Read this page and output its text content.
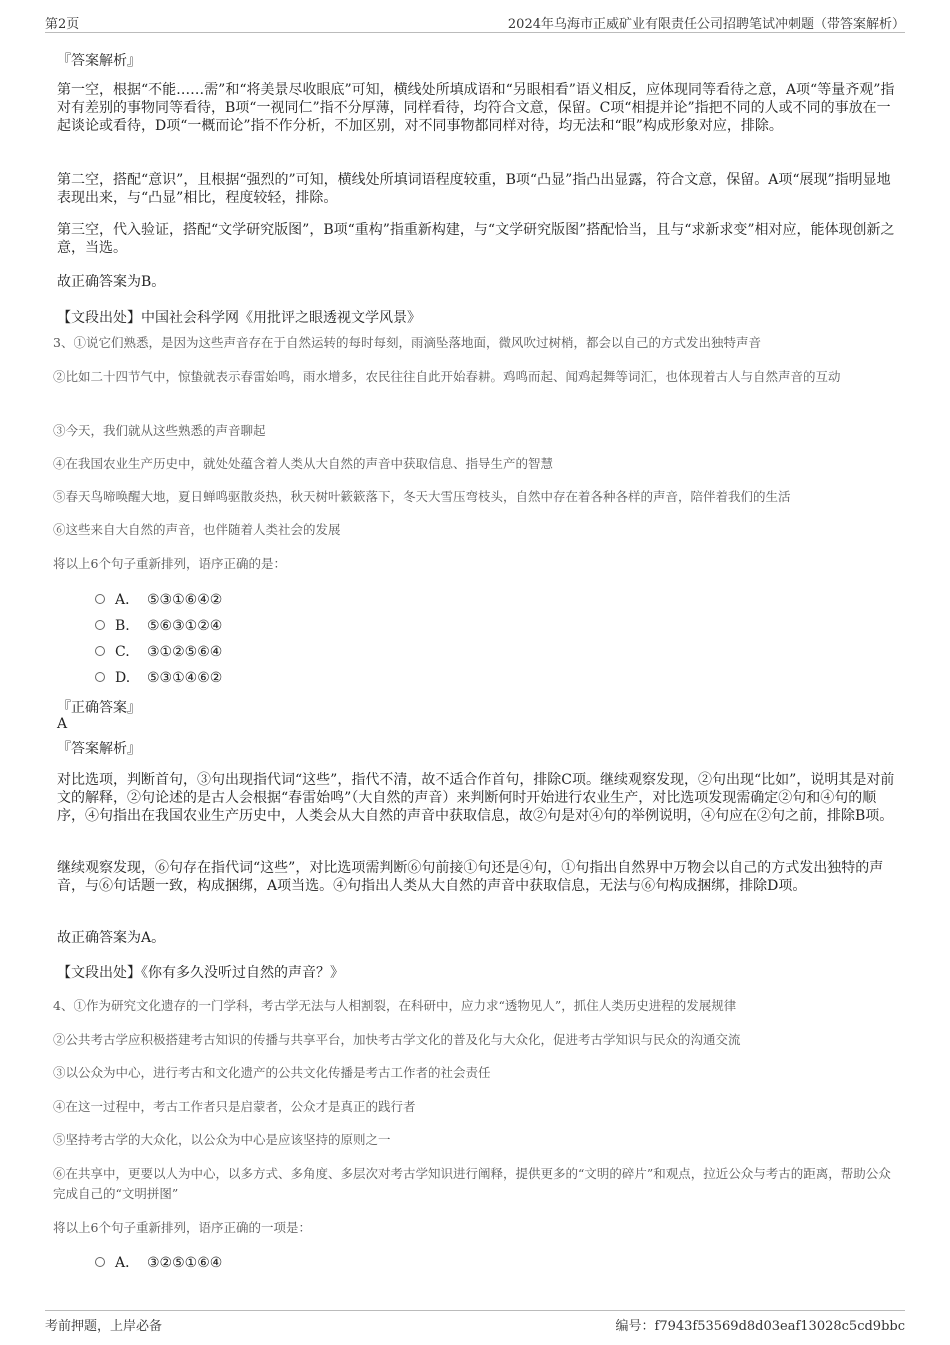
第2页	2024年乌海市正威矿业有限责任公司招聘笔试冲刺题（带答案解析）
『答案解析』

第一空，根据“不能……需”和“将美景尽收眼底”可知，横线处所填成语和“另眼相看”语义相反，应体现同等看待之意，A项“等量齐观”指对有差别的事物同等看待，B项“一视同仁”指不分厚薄，同样看待，均符合文意，保留。C项“相提并论”指把不同的人或不同的事放在一起谈论或看待，D项“一概而论”指不作分析，不加区别，对不同事物都同样对待，均无法和“眼”构成形象对应，排除。

第二空，搭配“意识”，且根据“强烈的”可知，横线处所填词语程度较重，B项“凸显”指凸出显露，符合文意，保留。A项“展现”指明显地表现出来，与“凸显”相比，程度较轻，排除。

第三空，代入验证，搭配“文学研究版图”，B项“重构”指重新构建，与“文学研究版图”搭配恰当，且与“求新求变”相对应，能体现创新之意，当选。

故正确答案为B。

【文段出处】中国社会科学网《用批评之眼透视文学风景》

3、①说它们熟悉，是因为这些声音存在于自然运转的每时每刻，雨滴坠落地面，微风吹过树梢，都会以自己的方式发出独特声音

②比如二十四节气中，惊蛰就表示春雷始鸣，雨水增多，农民往往自此开始春耕。鸡鸣而起、闻鸡起舞等词汇，也体现着古人与自然声音的互动

③今天，我们就从这些熟悉的声音聊起

④在我国农业生产历史中，就处处蕴含着人类从大自然的声音中获取信息、指导生产的智慧

⑤春天鸟啼唤醒大地，夏日蝉鸣驱散炎热，秋天树叶簌簌落下，冬天大雪压弯枝头，自然中存在着各种各样的声音，陪伴着我们的生活

⑥这些来自大自然的声音，也伴随着人类社会的发展

将以上6个句子重新排列，语序正确的是：

A． ⑤③①⑥④②
B. ⑤⑥③①②④
C. ③①②⑤⑥④
D. ⑤③①④⑥②
『正确答案』
A
『答案解析』

对比选项，判断首句，③句出现指代词“这些”，指代不清，故不适合作首句，排除C项。继续观察发现，②句出现“比如”，说明其是对前文的解释，②句论述的是古人会根据“春雷始鸣”（大自然的声音）来判断何时开始进行农业生产，对比选项发现需确定②句和④句的顺序，④句指出在我国农业生产历史中，人类会从大自然的声音中获取信息，故②句是对④句的举例说明，④句应在②句之前，排除B项。

继续观察发现，⑥句存在指代词“这些”，对比选项需判断⑥句前接①句还是④句，①句指出自然界中万物会以自己的方式发出独特的声音，与⑥句话题一致，构成捆绑，A项当选。④句指出人类从大自然的声音中获取信息，无法与⑥句构成捆绑，排除D项。

故正确答案为A。

【文段出处】《你有多久没听过自然的声音？》

4、①作为研究文化遗存的一门学科，考古学无法与人相割裂，在科研中，应力求“透物见人”，抓住人类历史进程的发展规律

②公共考古学应积极搭建考古知识的传播与共享平台，加快考古学文化的普及化与大众化，促进考古学知识与民众的沟通交流

③以公众为中心，进行考古和文化遗产的公共文化传播是考古工作者的社会责任

④在这一过程中，考古工作者只是启蒙者，公众才是真正的践行者

⑤坚持考古学的大众化，以公众为中心是应该坚持的原则之一

⑥在共享中，更要以人为中心，以多方式、多角度、多层次对考古学知识进行阐释，提供更多的“文明的碎片”和观点，拉近公众与考古的距离，帮助公众完成自己的“文明拼图”

将以上6个句子重新排列，语序正确的一项是：

A． ③②⑤①⑥④
考前押题，上岸必备	编号：f7943f53569d8d03eaf13028c5cd9bbc
